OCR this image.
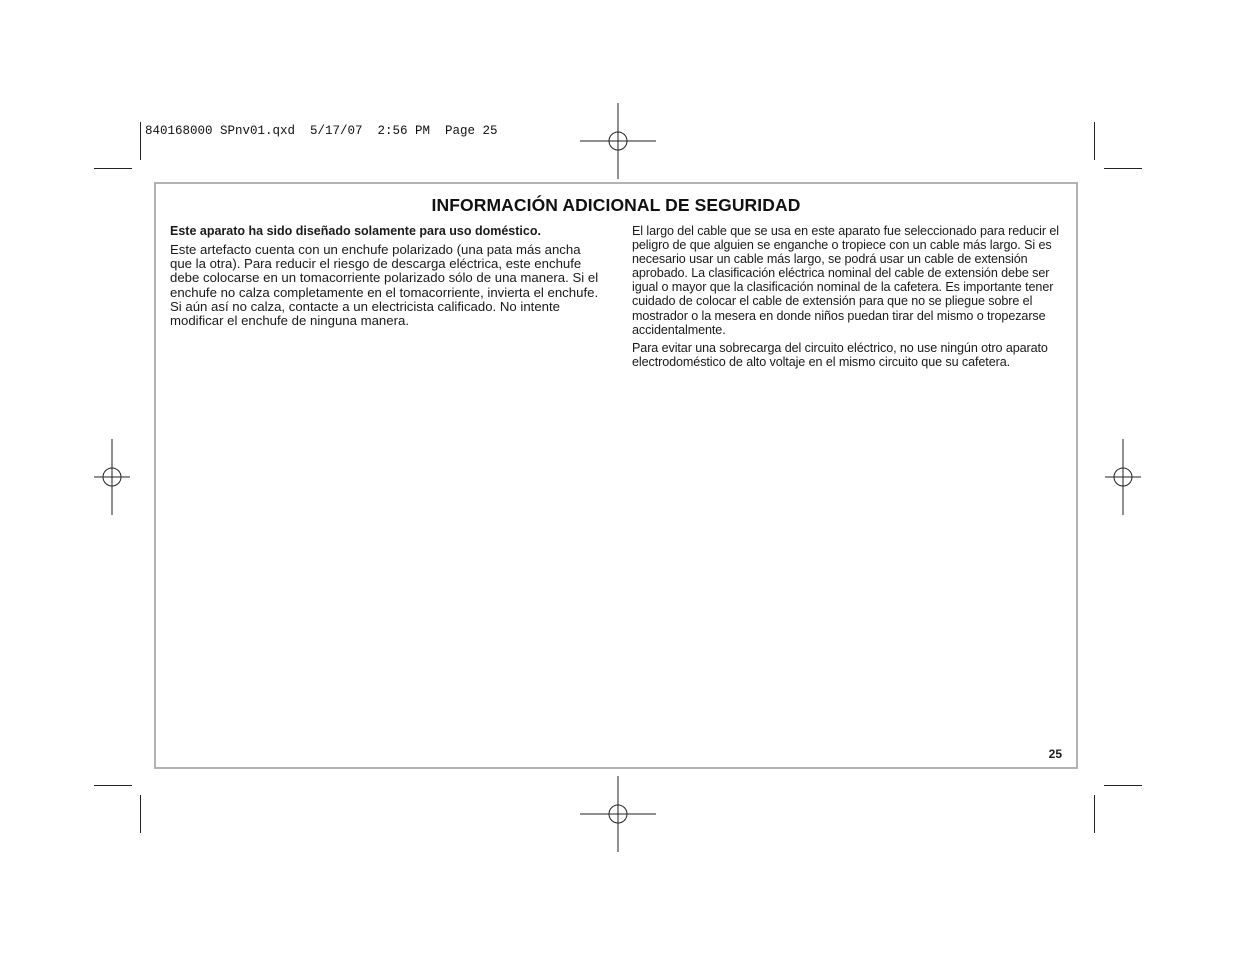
840168000 SPnv01.qxd  5/17/07  2:56 PM  Page 25
INFORMACIÓN ADICIONAL DE SEGURIDAD

Este aparato ha sido diseñado solamente para uso doméstico.

Este artefacto cuenta con un enchufe polarizado (una pata más ancha que la otra). Para reducir el riesgo de descarga eléctrica, este enchufe debe colocarse en un tomacorriente polarizado sólo de una manera. Si el enchufe no calza completamente en el tomacorriente, invierta el enchufe. Si aún así no calza, contacte a un electricista calificado. No intente modificar el enchufe de ninguna manera.

El largo del cable que se usa en este aparato fue seleccionado para reducir el peligro de que alguien se enganche o tropiece con un cable más largo. Si es necesario usar un cable más largo, se podrá usar un cable de extensión aprobado. La clasificación eléctrica nominal del cable de extensión debe ser igual o mayor que la clasificación nominal de la cafetera. Es importante tener cuidado de colocar el cable de extensión para que no se pliegue sobre el mostrador o la mesera en donde niños puedan tirar del mismo o tropezarse accidentalmente.

Para evitar una sobrecarga del circuito eléctrico, no use ningún otro aparato electrodoméstico de alto voltaje en el mismo circuito que su cafetera.

25
